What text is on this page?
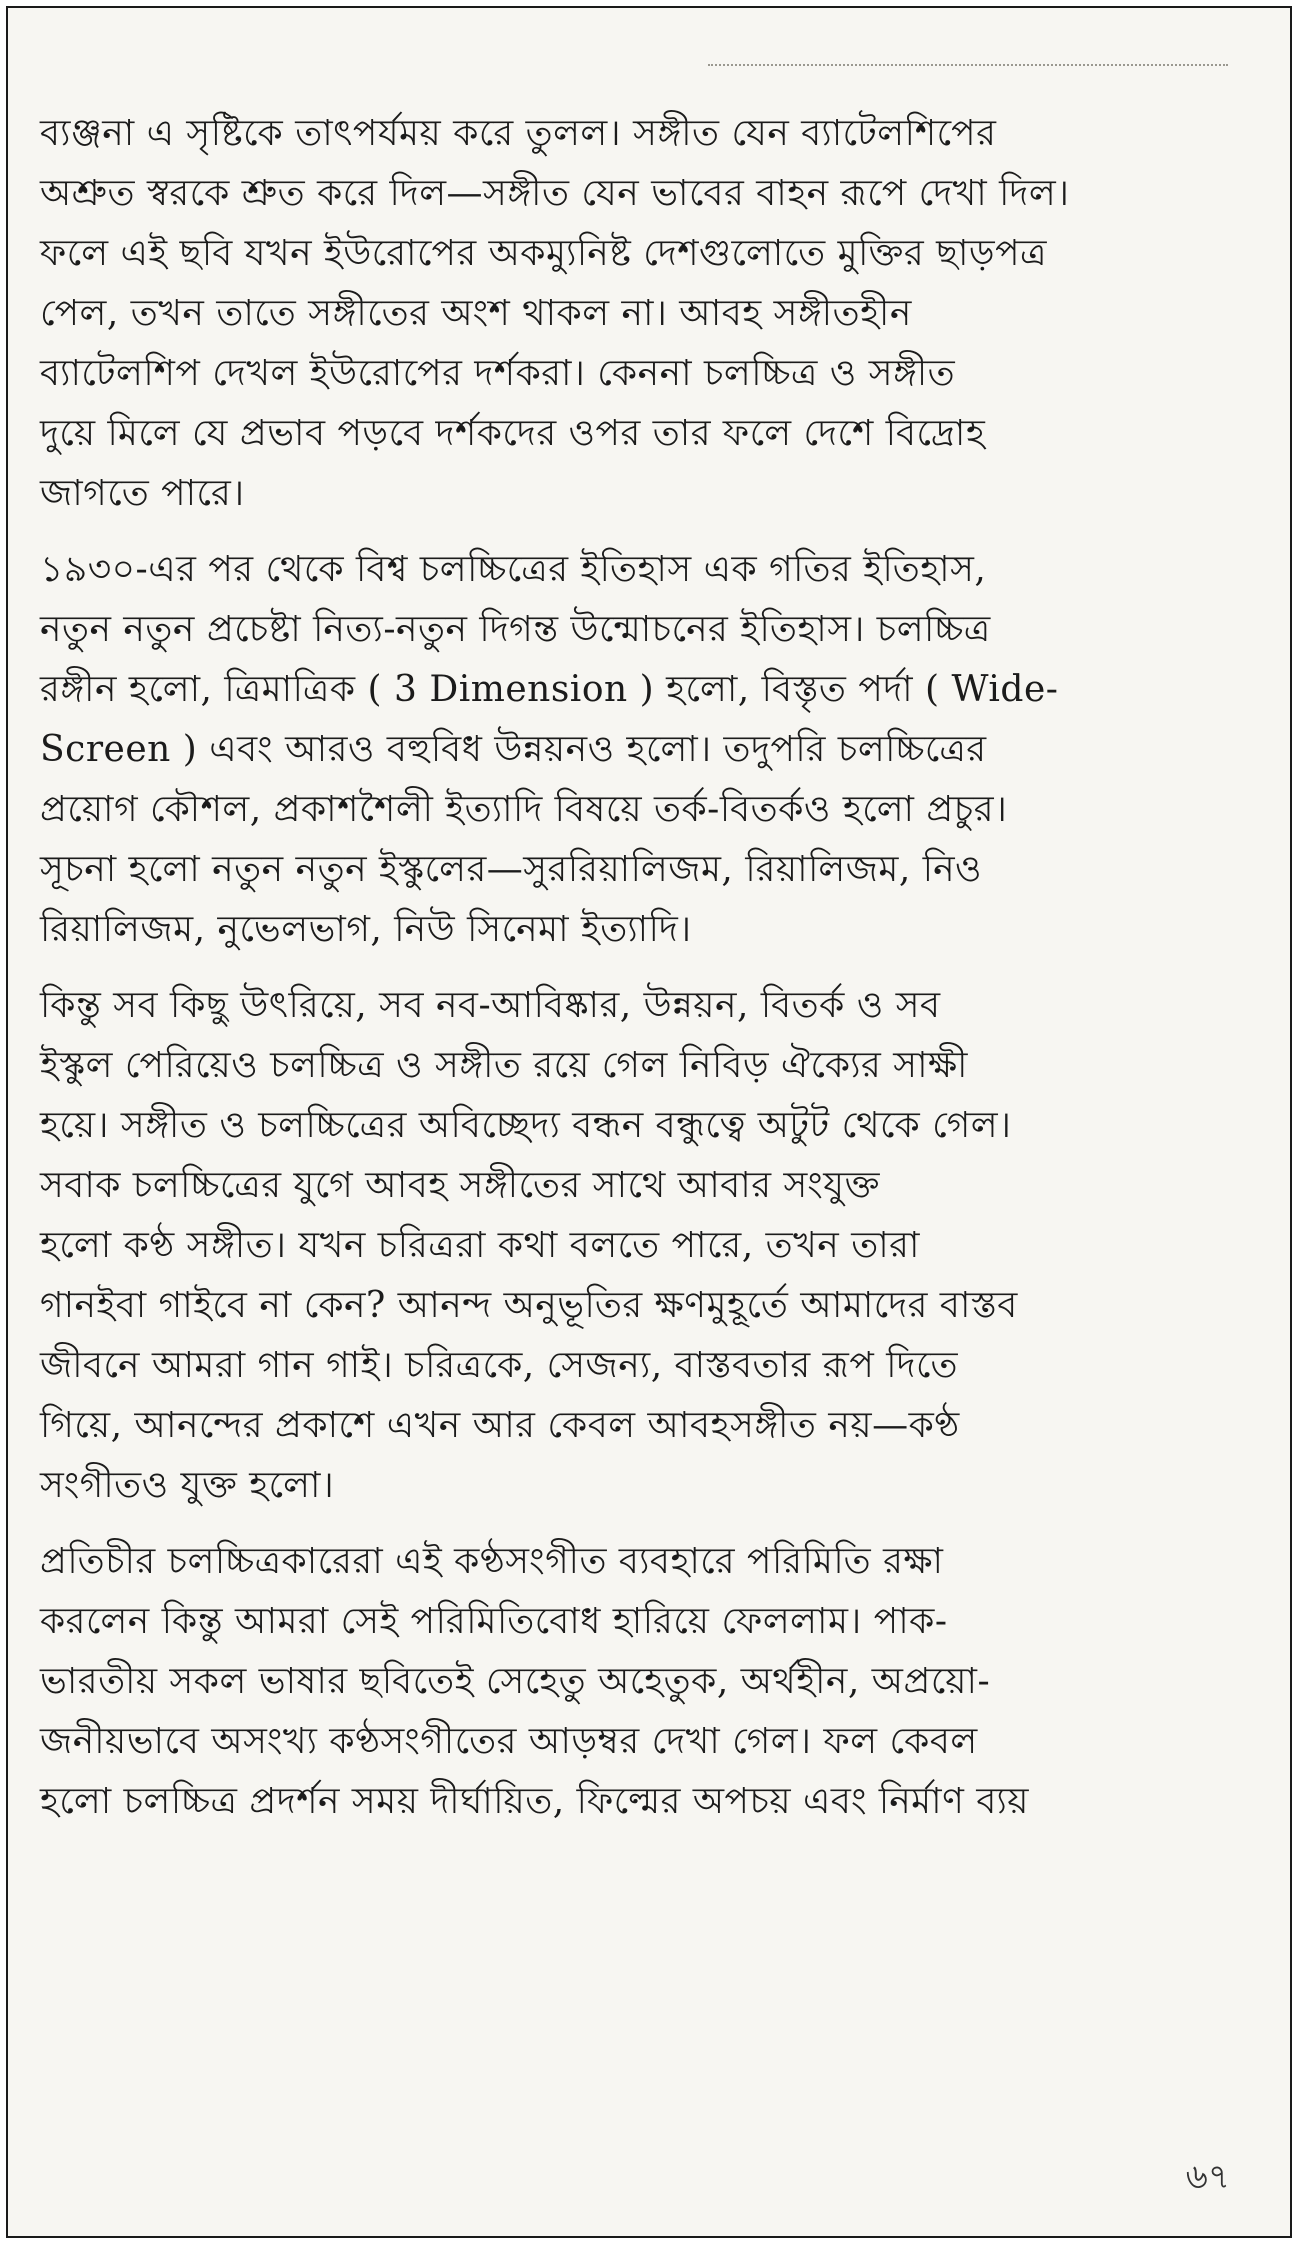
ব্যঞ্জনা এ সৃষ্টিকে তাৎপর্যময় করে তুলল। সঙ্গীত যেন ব্যাটেলশিপের
অশ্রুত স্বরকে শ্রুত করে দিল—সঙ্গীত যেন ভাবের বাহন রূপে দেখা দিল।
ফলে এই ছবি যখন ইউরোপের অকম্যুনিষ্ট দেশগুলোতে মুক্তির ছাড়পত্র
পেল, তখন তাতে সঙ্গীতের অংশ থাকল না। আবহ সঙ্গীতহীন
ব্যাটেলশিপ দেখল ইউরোপের দর্শকরা। কেননা চলচ্চিত্র ও সঙ্গীত
দুয়ে মিলে যে প্রভাব পড়বে দর্শকদের ওপর তার ফলে দেশে বিদ্রোহ
জাগতে পারে।
১৯৩০-এর পর থেকে বিশ্ব চলচ্চিত্রের ইতিহাস এক গতির ইতিহাস,
নতুন নতুন প্রচেষ্টা নিত্য-নতুন দিগন্ত উন্মোচনের ইতিহাস। চলচ্চিত্র
রঙ্গীন হলো, ত্রিমাত্রিক ( 3 Dimension ) হলো, বিস্তৃত পর্দা ( Wide-
Screen ) এবং আরও বহুবিধ উন্নয়নও হলো। তদুপরি চলচ্চিত্রের
প্রয়োগ কৌশল, প্রকাশশৈলী ইত্যাদি বিষয়ে তর্ক-বিতর্কও হলো প্রচুর।
সূচনা হলো নতুন নতুন ইস্কুলের—সুররিয়ালিজম, রিয়ালিজম, নিও
রিয়ালিজম, নুভেলভাগ, নিউ সিনেমা ইত্যাদি।
কিন্তু সব কিছু উৎরিয়ে, সব নব-আবিষ্কার, উন্নয়ন, বিতর্ক ও সব
ইস্কুল পেরিয়েও চলচ্চিত্র ও সঙ্গীত রয়ে গেল নিবিড় ঐক্যের সাক্ষী
হয়ে। সঙ্গীত ও চলচ্চিত্রের অবিচ্ছেদ্য বন্ধন বন্ধুত্বে অটুট থেকে গেল।
সবাক চলচ্চিত্রের যুগে আবহ সঙ্গীতের সাথে আবার সংযুক্ত
হলো কণ্ঠ সঙ্গীত। যখন চরিত্ররা কথা বলতে পারে, তখন তারা
গানইবা গাইবে না কেন? আনন্দ অনুভূতির ক্ষণমুহূর্তে আমাদের বাস্তব
জীবনে আমরা গান গাই। চরিত্রকে, সেজন্য, বাস্তবতার রূপ দিতে
গিয়ে, আনন্দের প্রকাশে এখন আর কেবল আবহসঙ্গীত নয়—কণ্ঠ
সংগীতও যুক্ত হলো।
প্রতিচীর চলচ্চিত্রকারেরা এই কণ্ঠসংগীত ব্যবহারে পরিমিতি রক্ষা
করলেন কিন্তু আমরা সেই পরিমিতিবোধ হারিয়ে ফেললাম। পাক-
ভারতীয় সকল ভাষার ছবিতেই সেহেতু অহেতুক, অর্থহীন, অপ্রয়ো-
জনীয়ভাবে অসংখ্য কণ্ঠসংগীতের আড়ম্বর দেখা গেল। ফল কেবল
হলো চলচ্চিত্র প্রদর্শন সময় দীর্ঘায়িত, ফিল্মের অপচয় এবং নির্মাণ ব্যয়
৬৭
